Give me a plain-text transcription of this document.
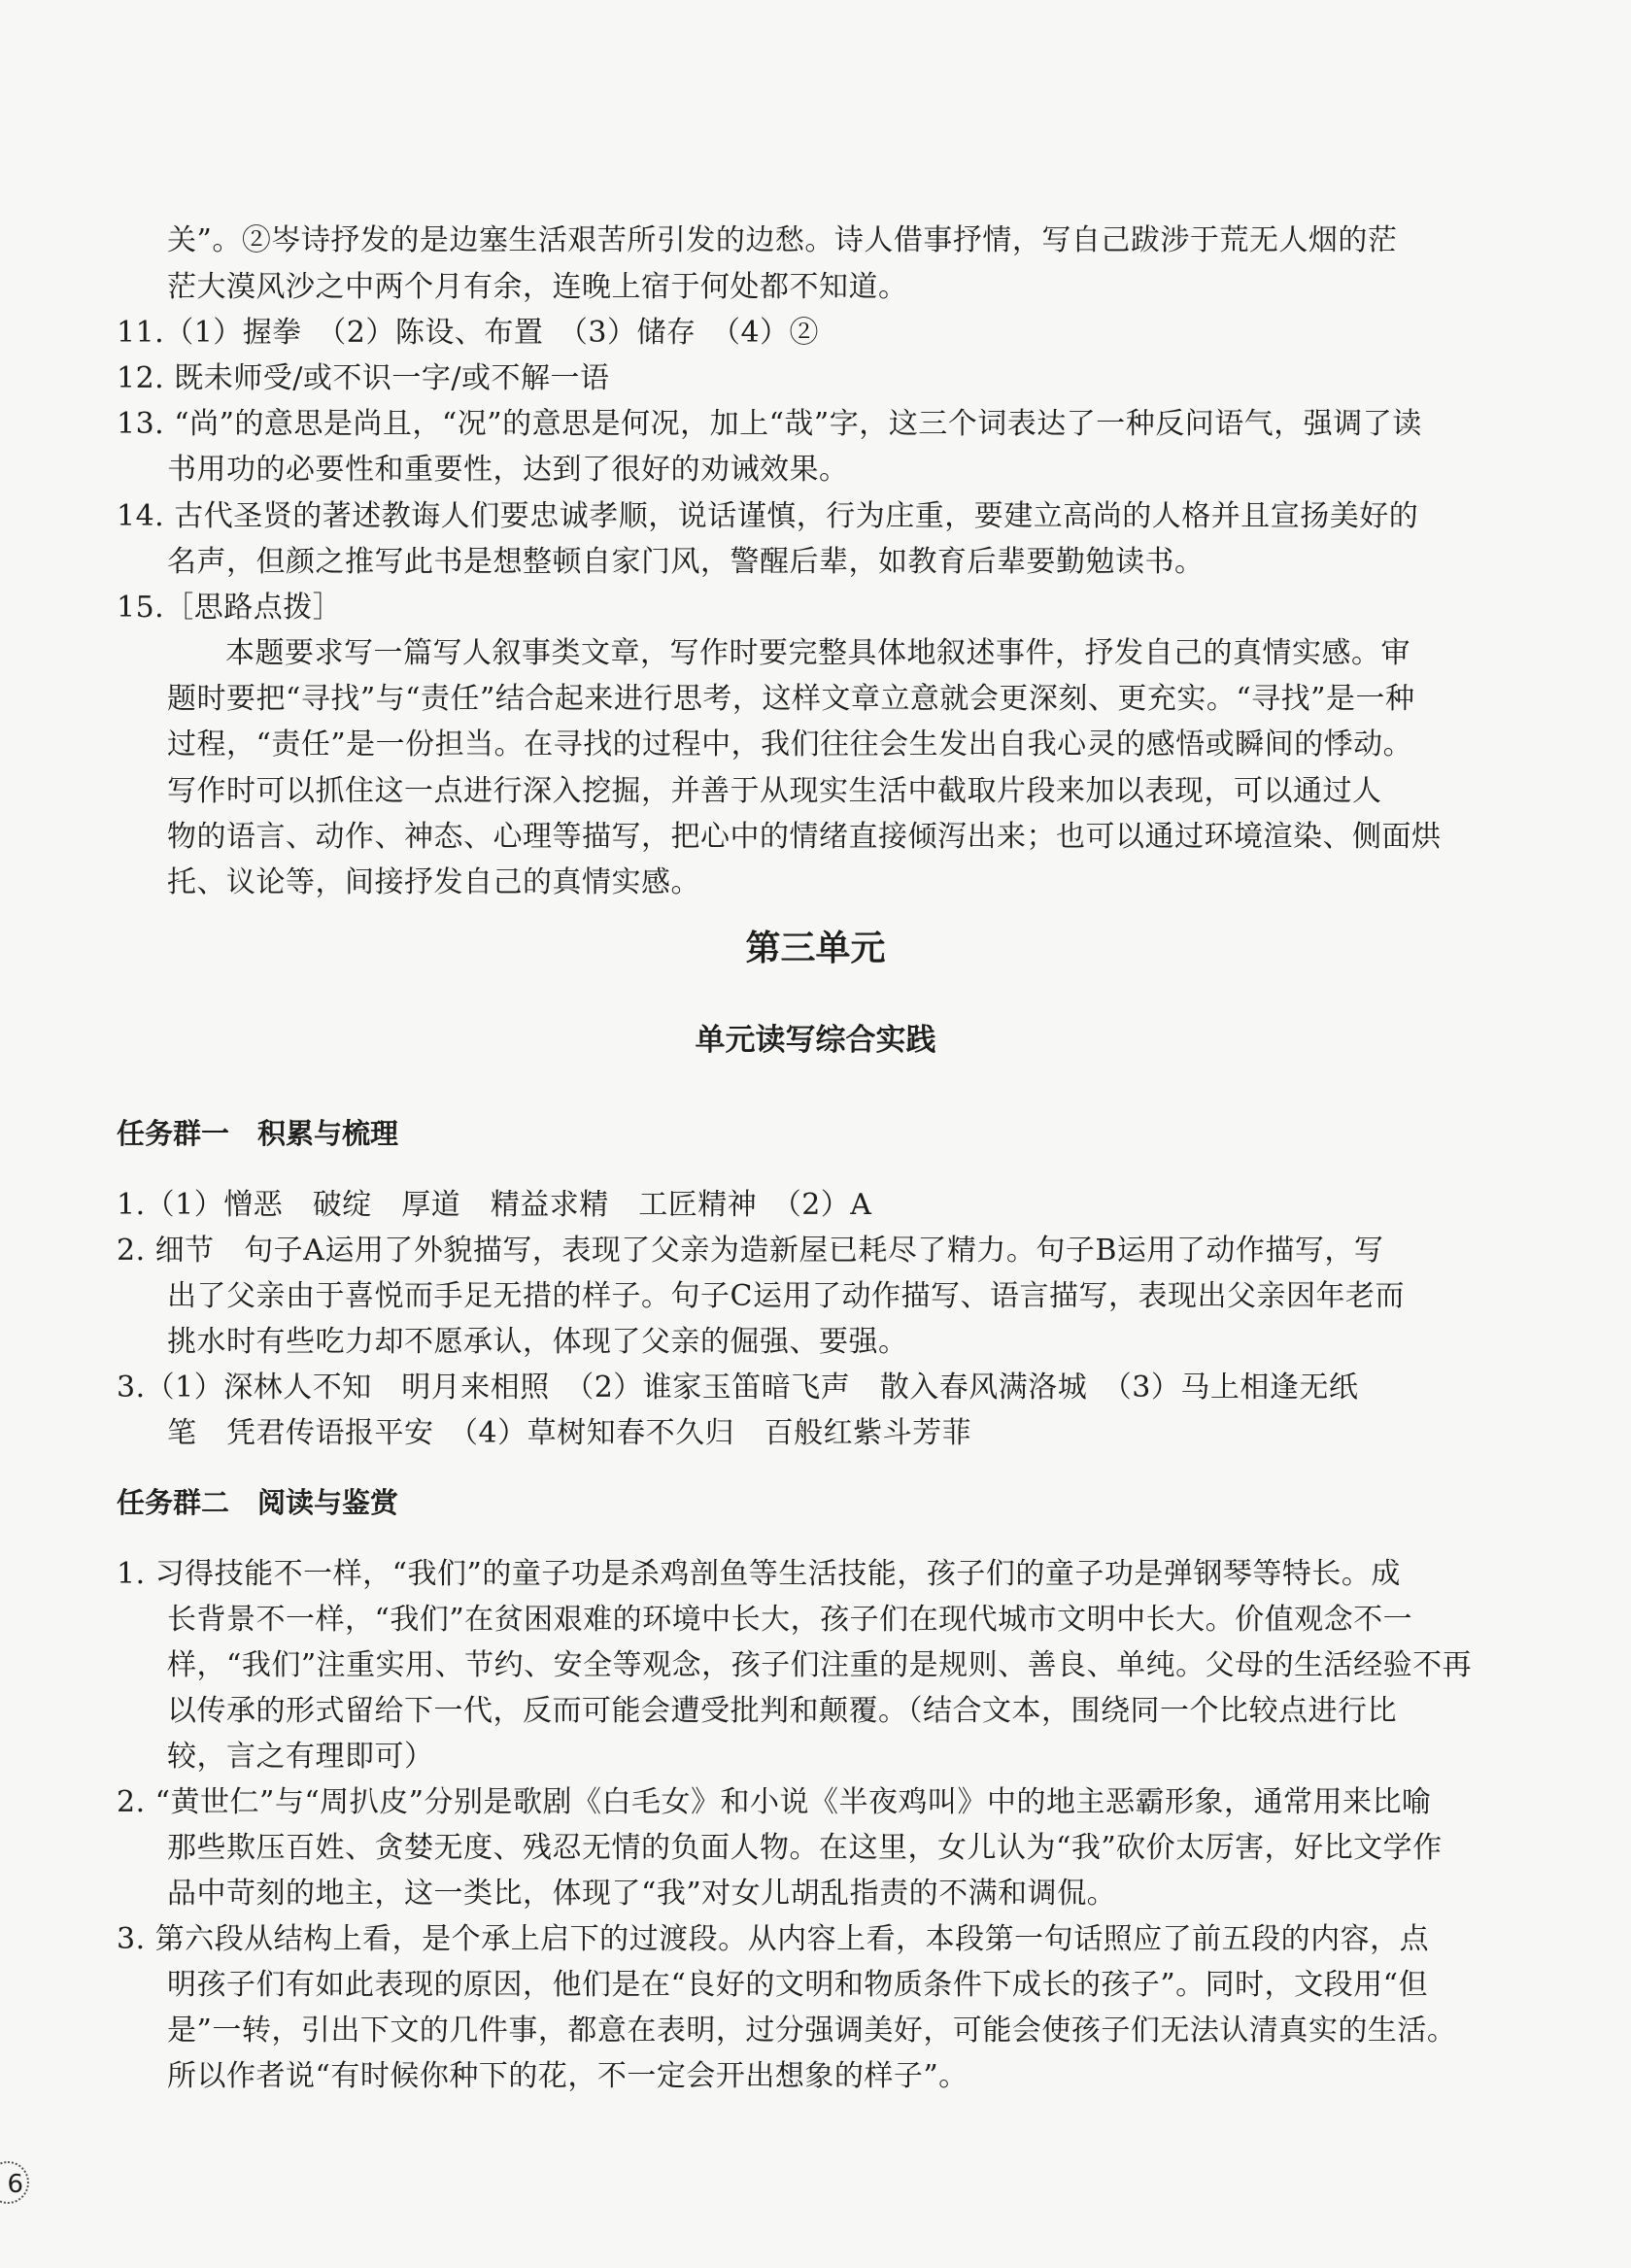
关”。②岑诗抒发的是边塞生活艰苦所引发的边愁。诗人借事抒情，写自己跋涉于荒无人烟的茫
茫大漠风沙之中两个月有余，连晚上宿于何处都不知道。
11.（1）握拳　（2）陈设、布置　（3）储存　（4）②
12. 既未师受/或不识一字/或不解一语
13. “尚”的意思是尚且，“况”的意思是何况，加上“哉”字，这三个词表达了一种反问语气，强调了读
书用功的必要性和重要性，达到了很好的劝诫效果。
14. 古代圣贤的著述教诲人们要忠诚孝顺，说话谨慎，行为庄重，要建立高尚的人格并且宣扬美好的
名声，但颜之推写此书是想整顿自家门风，警醒后辈，如教育后辈要勤勉读书。
15.［思路点拨］
本题要求写一篇写人叙事类文章，写作时要完整具体地叙述事件，抒发自己的真情实感。审
题时要把“寻找”与“责任”结合起来进行思考，这样文章立意就会更深刻、更充实。“寻找”是一种
过程，“责任”是一份担当。在寻找的过程中，我们往往会生发出自我心灵的感悟或瞬间的悸动。
写作时可以抓住这一点进行深入挖掘，并善于从现实生活中截取片段来加以表现，可以通过人
物的语言、动作、神态、心理等描写，把心中的情绪直接倾泻出来；也可以通过环境渲染、侧面烘
托、议论等，间接抒发自己的真情实感。
第三单元
单元读写综合实践
任务群一　积累与梳理
1.（1）憎恶　破绽　厚道　精益求精　工匠精神　（2）A
2. 细节　句子A运用了外貌描写，表现了父亲为造新屋已耗尽了精力。句子B运用了动作描写，写
出了父亲由于喜悦而手足无措的样子。句子C运用了动作描写、语言描写，表现出父亲因年老而
挑水时有些吃力却不愿承认，体现了父亲的倔强、要强。
3.（1）深林人不知　明月来相照　（2）谁家玉笛暗飞声　散入春风满洛城　（3）马上相逢无纸
笔　凭君传语报平安　（4）草树知春不久归　百般红紫斗芳菲
任务群二　阅读与鉴赏
1. 习得技能不一样，“我们”的童子功是杀鸡剖鱼等生活技能，孩子们的童子功是弹钢琴等特长。成
长背景不一样，“我们”在贫困艰难的环境中长大，孩子们在现代城市文明中长大。价值观念不一
样，“我们”注重实用、节约、安全等观念，孩子们注重的是规则、善良、单纯。父母的生活经验不再
以传承的形式留给下一代，反而可能会遭受批判和颠覆。（结合文本，围绕同一个比较点进行比
较，言之有理即可）
2. “黄世仁”与“周扒皮”分别是歌剧《白毛女》和小说《半夜鸡叫》中的地主恶霸形象，通常用来比喻
那些欺压百姓、贪婪无度、残忍无情的负面人物。在这里，女儿认为“我”砍价太厉害，好比文学作
品中苛刻的地主，这一类比，体现了“我”对女儿胡乱指责的不满和调侃。
3. 第六段从结构上看，是个承上启下的过渡段。从内容上看，本段第一句话照应了前五段的内容，点
明孩子们有如此表现的原因，他们是在“良好的文明和物质条件下成长的孩子”。同时，文段用“但
是”一转，引出下文的几件事，都意在表明，过分强调美好，可能会使孩子们无法认清真实的生活。
所以作者说“有时候你种下的花，不一定会开出想象的样子”。
6
